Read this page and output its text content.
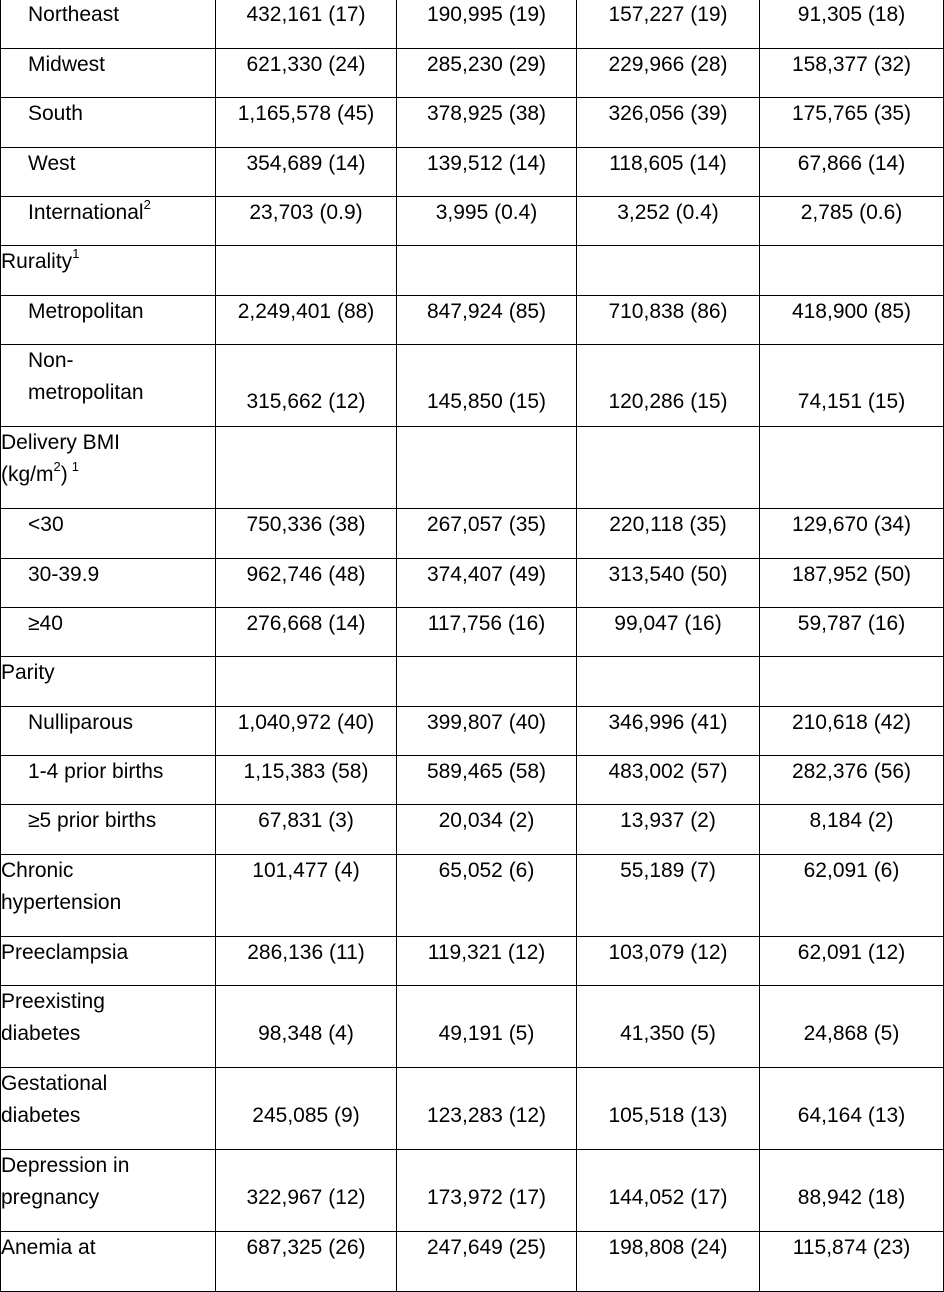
Northeast	432,161 (17)	190,995 (19)	157,227 (19)	91,305 (18)
Midwest	621,330 (24)	285,230 (29)	229,966 (28)	158,377 (32)
South	1,165,578 (45)	378,925 (38)	326,056 (39)	175,765 (35)
West	354,689 (14)	139,512 (14)	118,605 (14)	67,866 (14)
International$^2$	23,703 (0.9)	3,995 (0.4)	3,252 (0.4)	2,785 (0.6)
Rurality$^1$				
Metropolitan	2,249,401 (88)	847,924 (85)	710,838 (86)	418,900 (85)

Non-
metropolitan	315,662 (12)	145,850 (15)	120,286 (15)	74,151 (15)

Delivery BMI
$(kg/m^2)$ $^1$

<30	750,336 (38)	267,057 (35)	220,118 (35)	129,670 (34)
30-39.9	962,746 (48)	374,407 (49)	313,540 (50)	187,952 (50)
≥40	276,668 (14)	117,756 (16)	99,047 (16)	59,787 (16)
Parity				
Nulliparous	1,040,972 (40)	399,807 (40)	346,996 (41)	210,618 (42)
1-4 prior births	1,15,383 (58)	589,465 (58)	483,002 (57)	282,376 (56)
≥5 prior births	67,831 (3)	20,034 (2)	13,937 (2)	8,184 (2)

Chronic
hypertension	101,477 (4)	65,052 (6)	55,189 (7)	62,091 (6)
Preeclampsia	286,136 (11)	119,321 (12)	103,079 (12)	62,091 (12)

Preexisting
diabetes	98,348 (4)	49,191 (5)	41,350 (5)	24,868 (5)

Gestational
diabetes	245,085 (9)	123,283 (12)	105,518 (13)	64,164 (13)

Depression in
pregnancy	322,967 (12)	173,972 (17)	144,052 (17)	88,942 (18)

Anemia at	687,325 (26)	247,649 (25)	198,808 (24)	115,874 (23)
